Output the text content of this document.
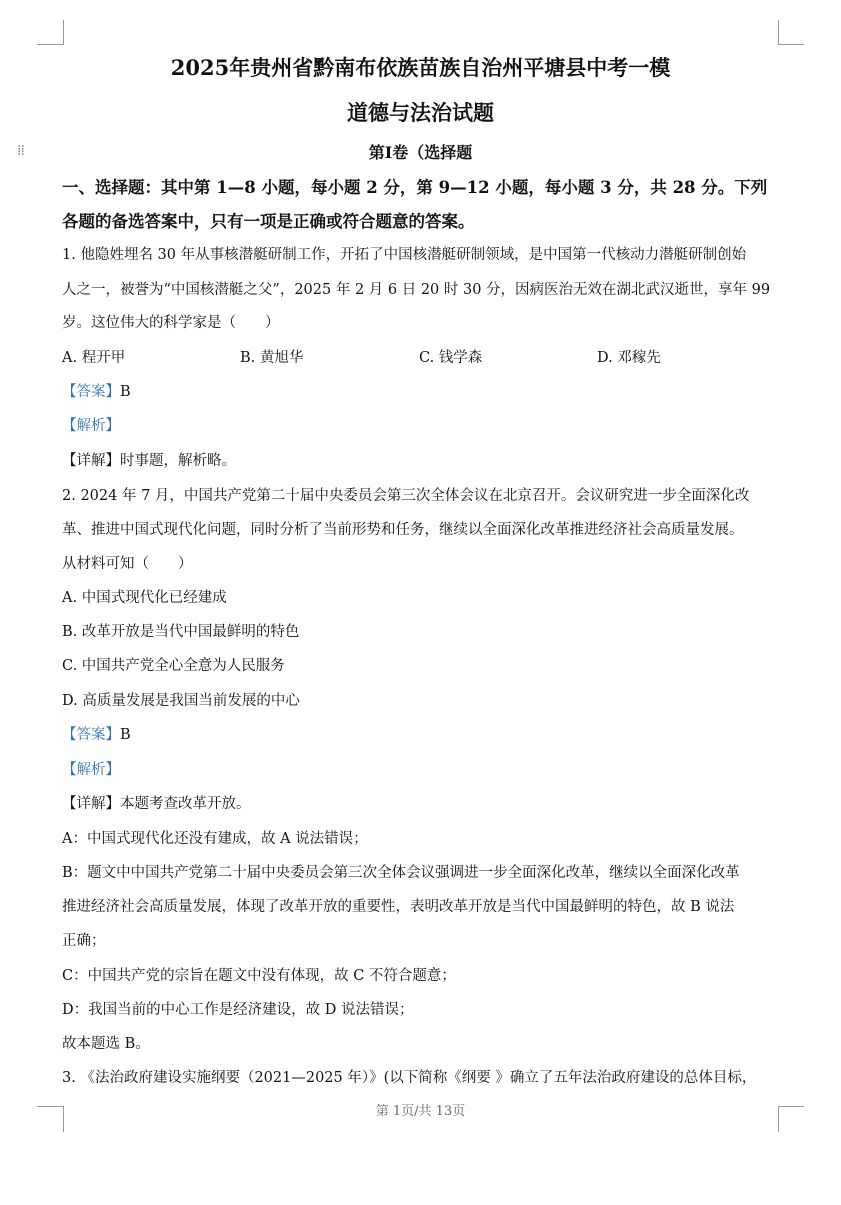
⁞⁞
2025年贵州省黔南布依族苗族自治州平塘县中考一模
道德与法治试题
第I卷（选择题
一、选择题：其中第 1—8 小题，每小题 2 分，第 9—12 小题，每小题 3 分，共 28 分。下列
各题的备选答案中，只有一项是正确或符合题意的答案。
1. 他隐姓埋名 30 年从事核潜艇研制工作，开拓了中国核潜艇研制领域，是中国第一代核动力潜艇研制创始
人之一，被誉为“中国核潜艇之父”，2025 年 2 月 6 日 20 时 30 分，因病医治无效在湖北武汉逝世，享年 99
岁。这位伟大的科学家是（　　）
A. 程开甲	B. 黄旭华	C. 钱学森	D. 邓稼先
【答案】B
【解析】
【详解】时事题，解析略。
2. 2024 年 7 月，中国共产党第二十届中央委员会第三次全体会议在北京召开。会议研究进一步全面深化改
革、推进中国式现代化问题，同时分析了当前形势和任务，继续以全面深化改革推进经济社会高质量发展。
从材料可知（　　）
A. 中国式现代化已经建成
B. 改革开放是当代中国最鲜明的特色
C. 中国共产党全心全意为人民服务
D. 高质量发展是我国当前发展的中心
【答案】B
【解析】
【详解】本题考查改革开放。
A：中国式现代化还没有建成，故 A 说法错误；
B：题文中中国共产党第二十届中央委员会第三次全体会议强调进一步全面深化改革，继续以全面深化改革
推进经济社会高质量发展，体现了改革开放的重要性，表明改革开放是当代中国最鲜明的特色，故 B 说法
正确；
C：中国共产党的宗旨在题文中没有体现，故 C 不符合题意；
D：我国当前的中心工作是经济建设，故 D 说法错误；
故本题选 B。
3. 《法治政府建设实施纲要（2021—2025 年）》(以下简称《纲要 》确立了五年法治政府建设的总体目标，
第 1页/共 13页
